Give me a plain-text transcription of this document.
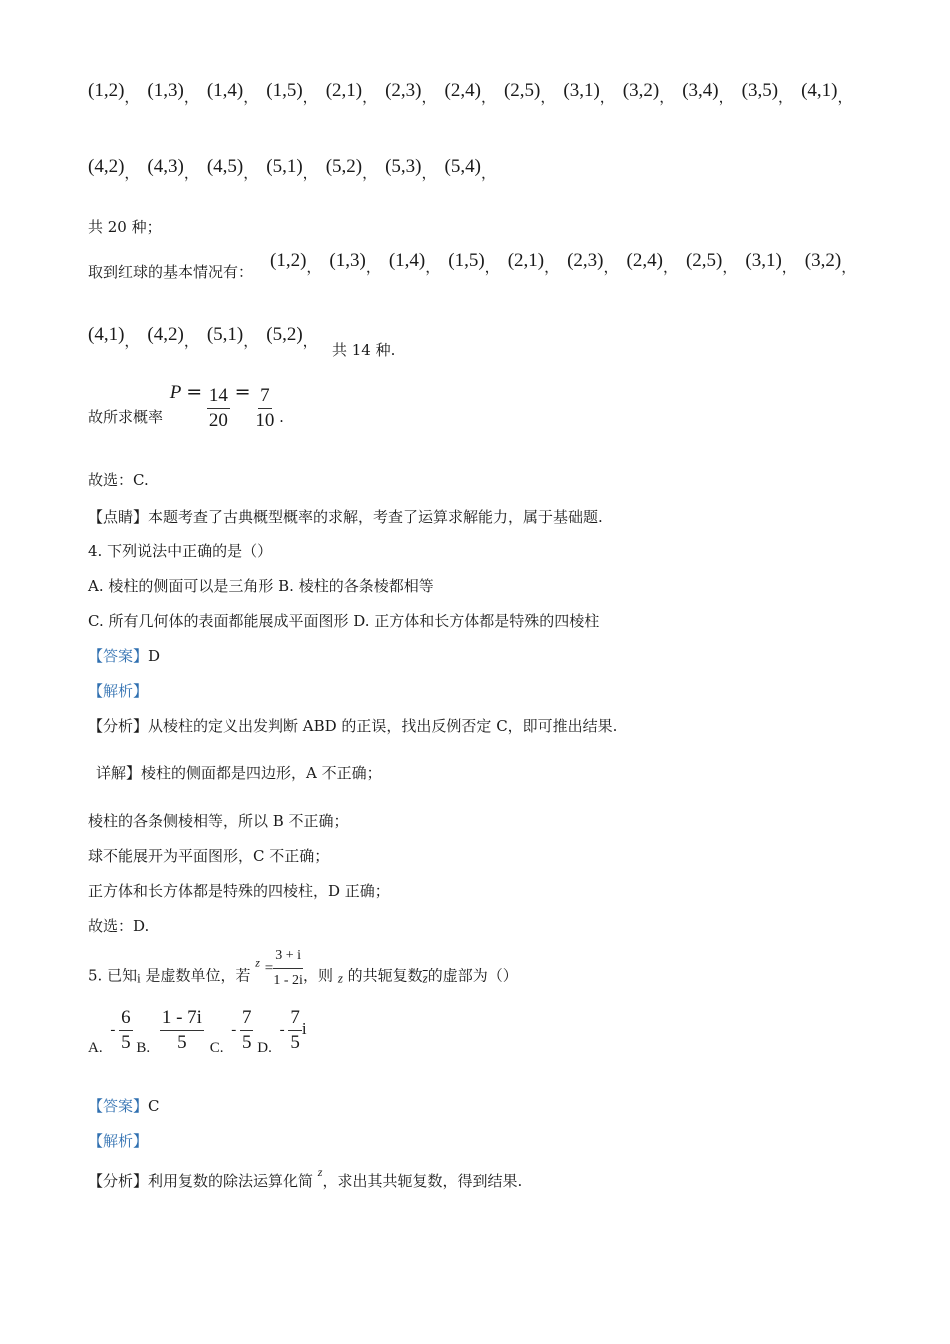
(1,2)， (1,3)， (1,4)， (1,5)， (2,1)， (2,3)， (2,4)， (2,5)， (3,1)， (3,2)， (3,4)， (3,5)， (4,1)，
(4,2)， (4,3)， (4,5)， (5,1)， (5,2)， (5,3)， (5,4)，
共 20 种；
取到红球的基本情况有：
(1,2)， (1,3)， (1,4)， (1,5)， (2,1)， (2,3)， (2,4)， (2,5)， (3,1)， (3,2)，
(4,1)， (4,2)， (5,1)， (5,2)， 共 14 种.
故所求概率 $P = \frac{14}{20} = \frac{7}{10}$ .
故选：C.
【点睛】本题考查了古典概型概率的求解，考查了运算求解能力，属于基础题.
4. 下列说法中正确的是（）
A. 棱柱的侧面可以是三角形 B. 棱柱的各条棱都相等
C. 所有几何体的表面都能展成平面图形 D. 正方体和长方体都是特殊的四棱柱
【答案】D
【解析】
【分析】从棱柱的定义出发判断 ABD 的正误，找出反例否定 C，即可推出结果.
详解】棱柱的侧面都是四边形，A 不正确；
棱柱的各条侧棱相等，所以 B 不正确；
球不能展开为平面图形，C 不正确；
正方体和长方体都是特殊的四棱柱，D 正确；
故选：D.
5. 已知i 是虚数单位，若 $^z = \frac{3 + i}{1 - 2i}$ ，则 z 的共轭复数$\overline{z}$的虚部为（）
A. - $\frac{6}{5} B$. $\frac{1 - 7i}{5} C$. - $\frac{7}{5} D$. - $\frac{7}{5}$ i
【答案】C
【解析】
【分析】利用复数的除法运算化简 $^z$，求出其共轭复数，得到结果.
